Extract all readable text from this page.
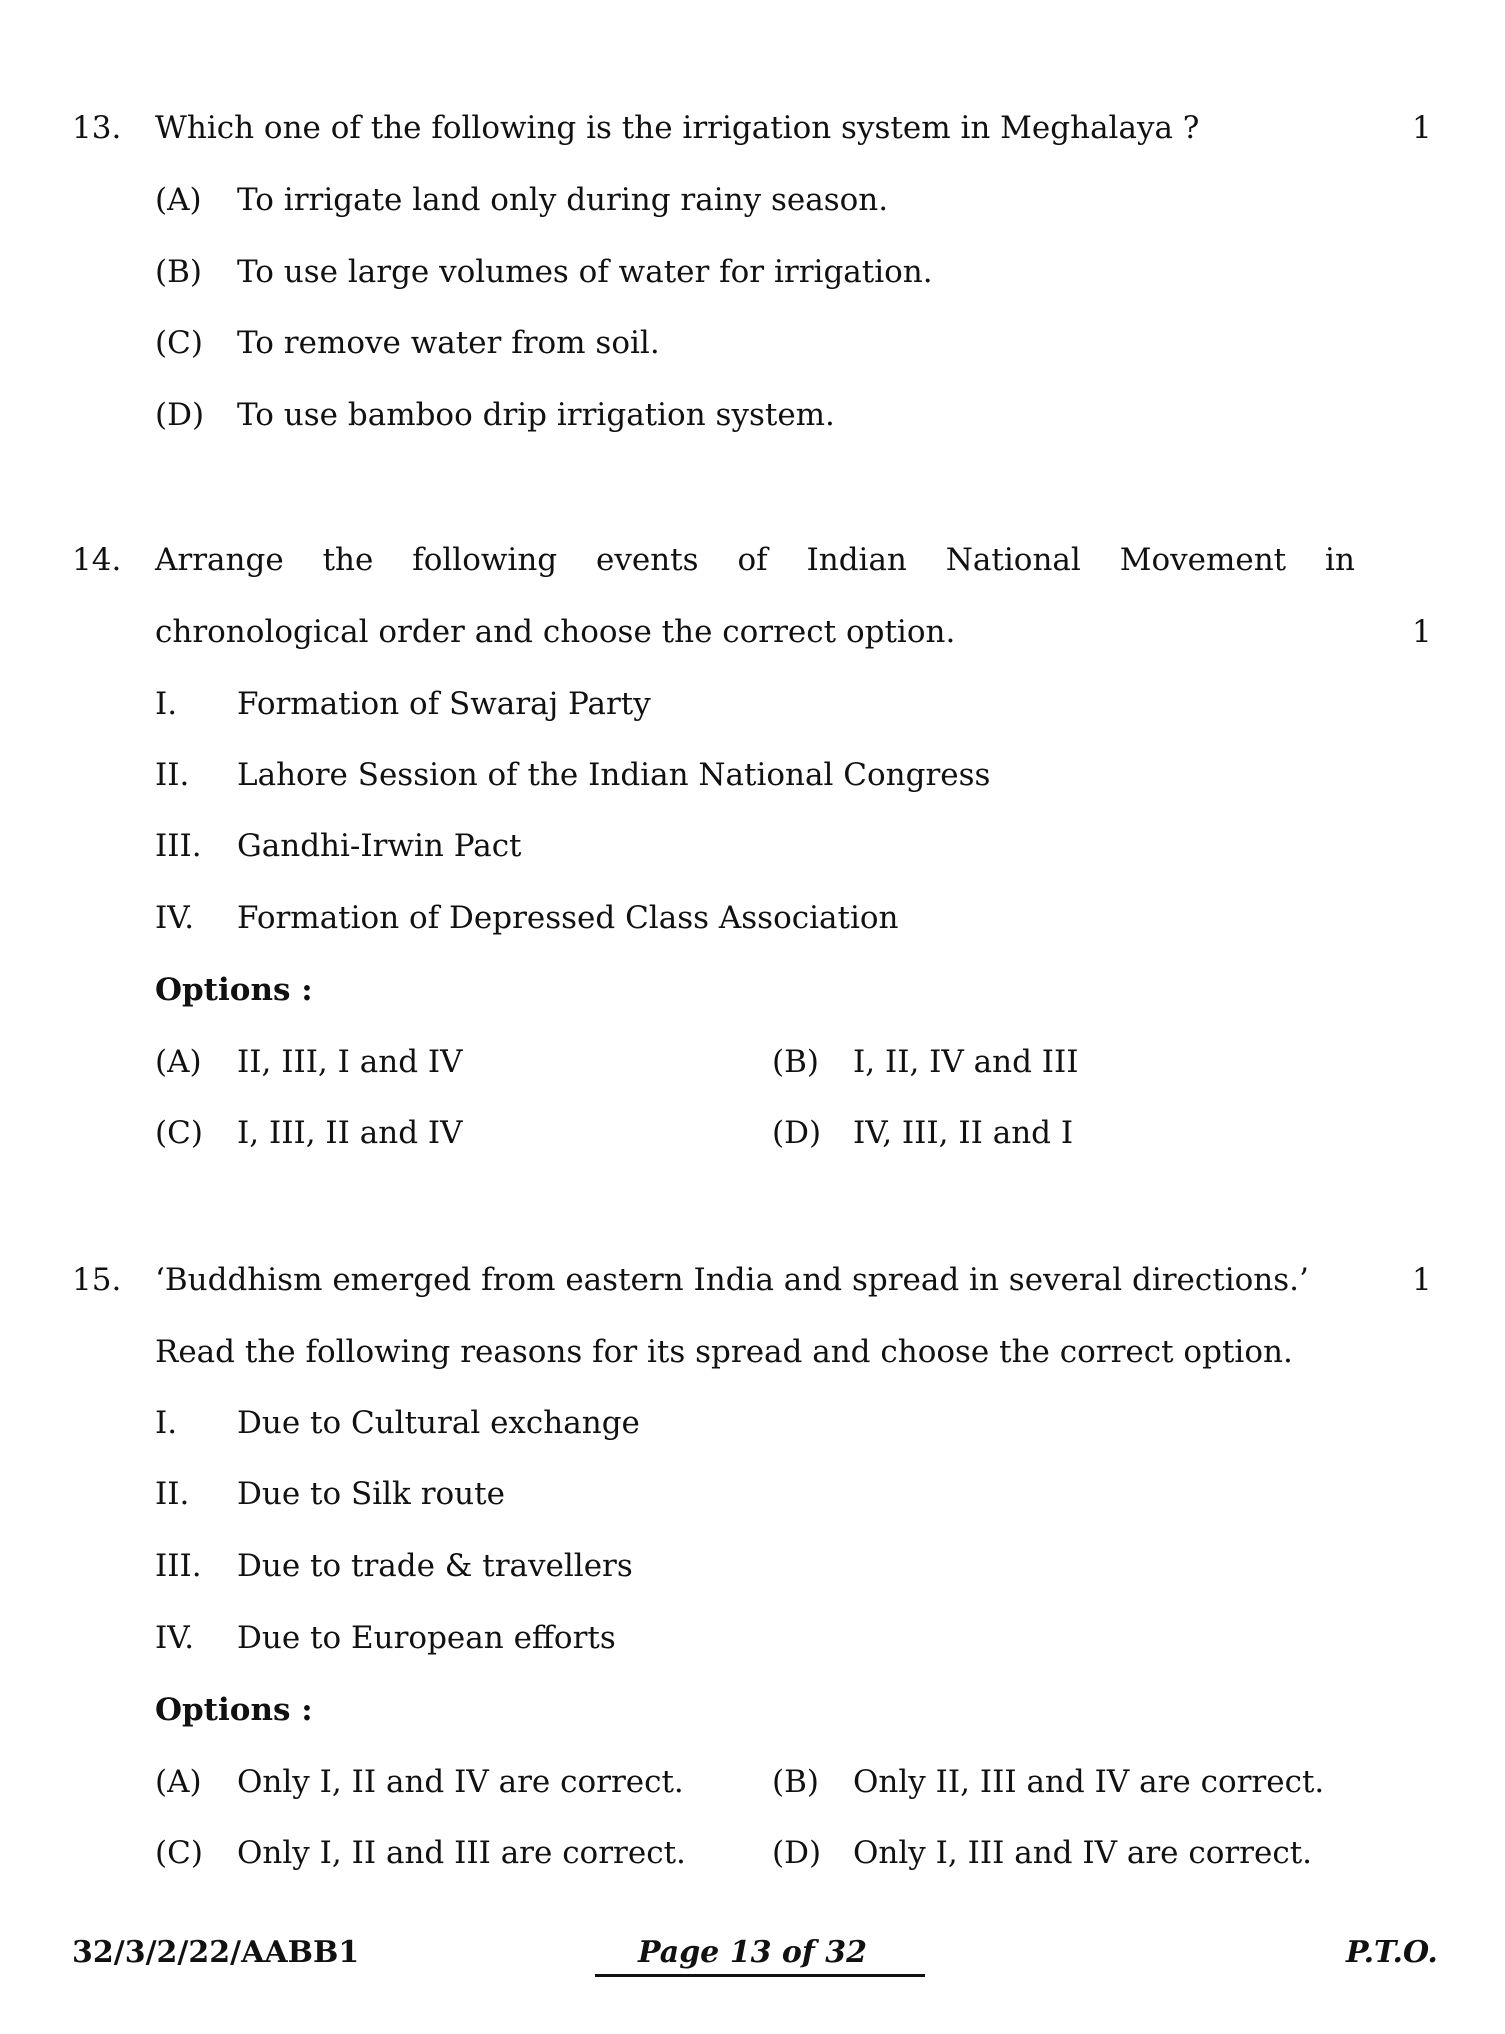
13. Which one of the following is the irrigation system in Meghalaya ?	1
(A) To irrigate land only during rainy season.
(B) To use large volumes of water for irrigation.
(C) To remove water from soil.
(D) To use bamboo drip irrigation system.
14. Arrange the following events of Indian National Movement in
chronological order and choose the correct option.	1
I. Formation of Swaraj Party
II. Lahore Session of the Indian National Congress
III. Gandhi-Irwin Pact
IV. Formation of Depressed Class Association
Options :
(A) II, III, I and IV	(B) I, II, IV and III
(C) I, III, II and IV	(D) IV, III, II and I
15. ‘Buddhism emerged from eastern India and spread in several directions.’	1
Read the following reasons for its spread and choose the correct option.
I. Due to Cultural exchange
II. Due to Silk route
III. Due to trade & travellers
IV. Due to European efforts
Options :
(A) Only I, II and IV are correct.	(B) Only II, III and IV are correct.
(C) Only I, II and III are correct.	(D) Only I, III and IV are correct.
32/3/2/22/AABB1	Page 13 of 32	P.T.O.
